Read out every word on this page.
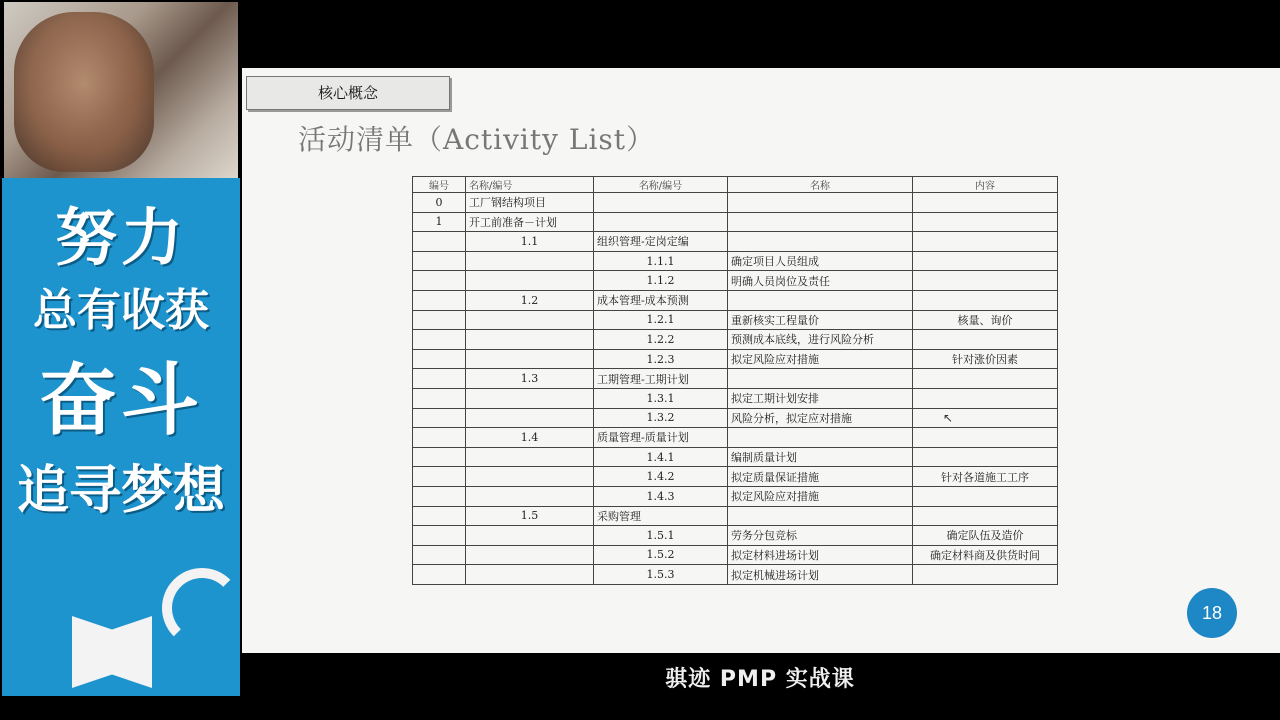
努力
总有收获
奋斗
追寻梦想
核心概念
活动清单（Activity List）
编号	名称/编号	名称/编号	名称	内容
0	工厂钢结构项目			
1	开工前准备－计划			
	1.1	组织管理-定岗定编		
		1.1.1	确定项目人员组成	
		1.1.2	明确人员岗位及责任	
	1.2	成本管理-成本预测		
		1.2.1	重新核实工程量价	核量、询价
		1.2.2	预测成本底线，进行风险分析	
		1.2.3	拟定风险应对措施	针对涨价因素
	1.3	工期管理-工期计划		
		1.3.1	拟定工期计划安排	
		1.3.2	风险分析，拟定应对措施	
	1.4	质量管理-质量计划		
		1.4.1	编制质量计划	
		1.4.2	拟定质量保证措施	针对各道施工工序
		1.4.3	拟定风险应对措施	
	1.5	采购管理		
		1.5.1	劳务分包竞标	确定队伍及造价
		1.5.2	拟定材料进场计划	确定材料商及供货时间
		1.5.3	拟定机械进场计划	
↖
18
骐迹 PMP 实战课
